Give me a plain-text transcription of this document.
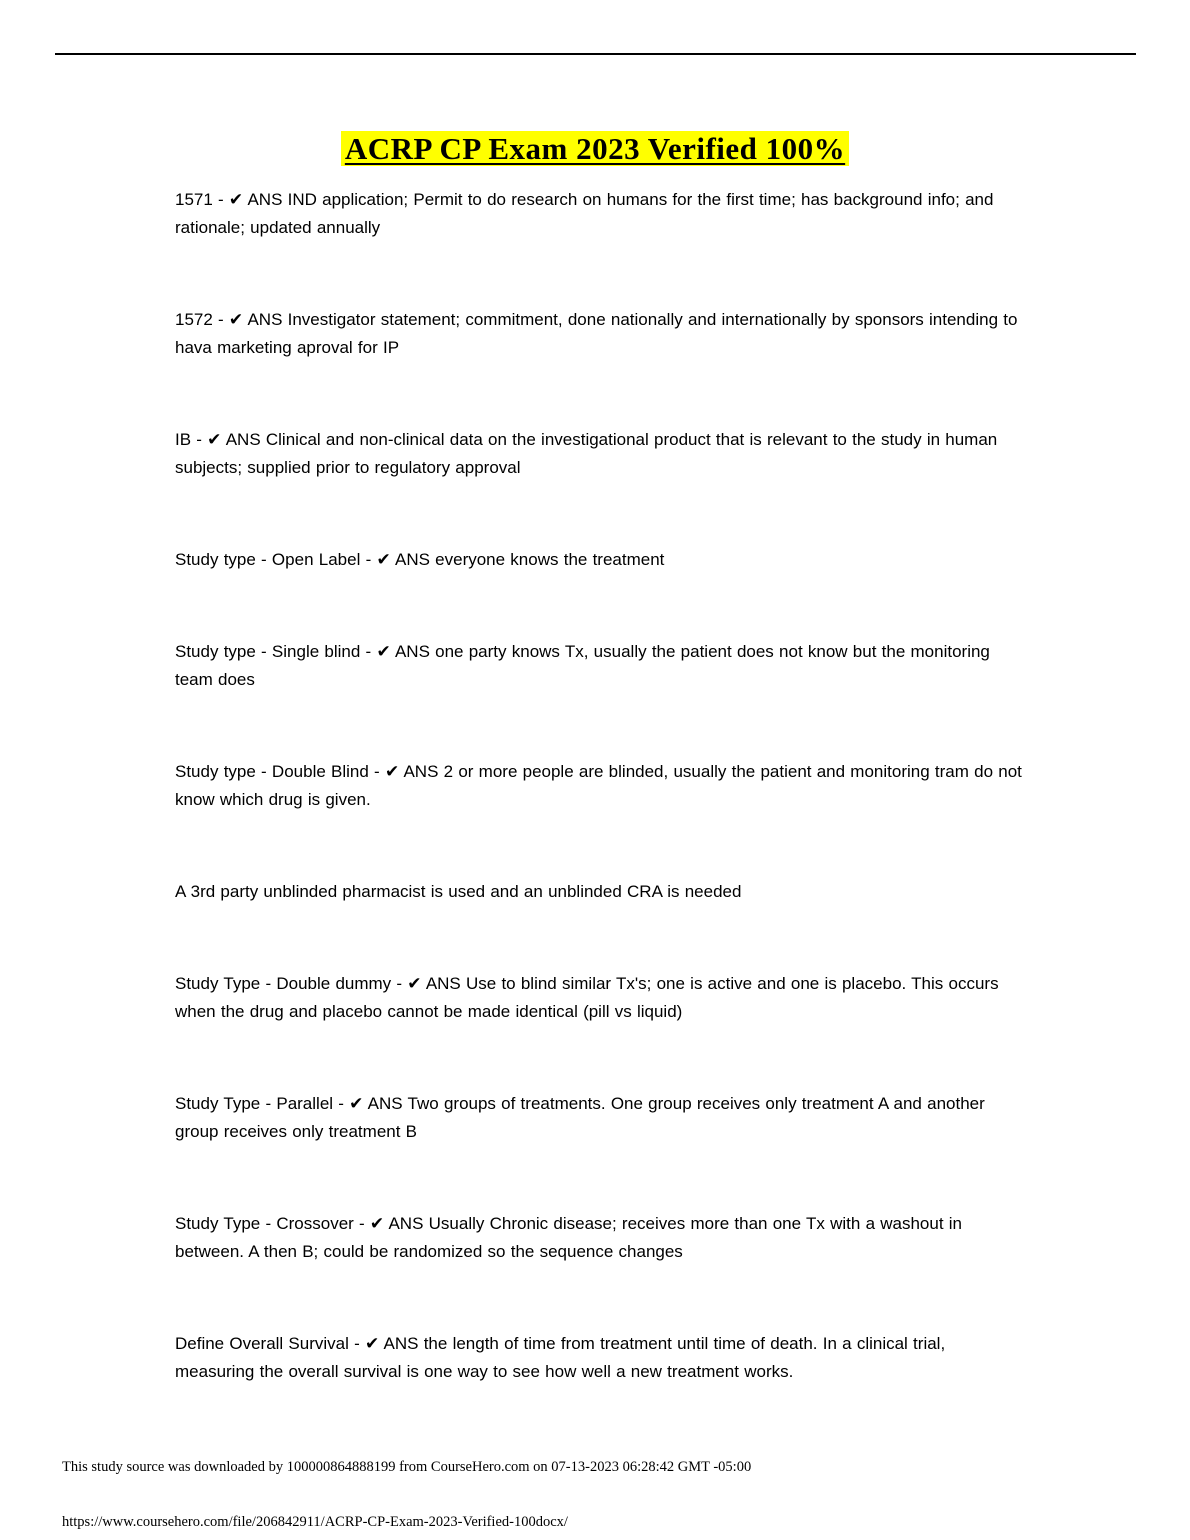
ACRP CP Exam 2023 Verified 100%
1571 - ✔ ANS IND application; Permit to do research on humans for the first time; has background info; and rationale; updated annually
1572 - ✔ ANS Investigator statement; commitment, done nationally and internationally by sponsors intending to hava marketing aproval for IP
IB - ✔ ANS Clinical and non-clinical data on the investigational product that is relevant to the study in human subjects; supplied prior to regulatory approval
Study type - Open Label - ✔ ANS everyone knows the treatment
Study type - Single blind - ✔ ANS one party knows Tx, usually the patient does not know but the monitoring team does
Study type - Double Blind - ✔ ANS 2 or more people are blinded, usually the patient and monitoring tram do not know which drug is given.
A 3rd party unblinded pharmacist is used and an unblinded CRA is needed
Study Type - Double dummy - ✔ ANS Use to blind similar Tx's; one is active and one is placebo. This occurs when the drug and placebo cannot be made identical (pill vs liquid)
Study Type - Parallel - ✔ ANS Two groups of treatments. One group receives only treatment A and another group receives only treatment B
Study Type - Crossover - ✔ ANS Usually Chronic disease; receives more than one Tx with a washout in between. A then B; could be randomized so the sequence changes
Define Overall Survival - ✔ ANS the length of time from treatment until time of death. In a clinical trial, measuring the overall survival is one way to see how well a new treatment works.
This study source was downloaded by 100000864888199 from CourseHero.com on 07-13-2023 06:28:42 GMT -05:00
https://www.coursehero.com/file/206842911/ACRP-CP-Exam-2023-Verified-100docx/
